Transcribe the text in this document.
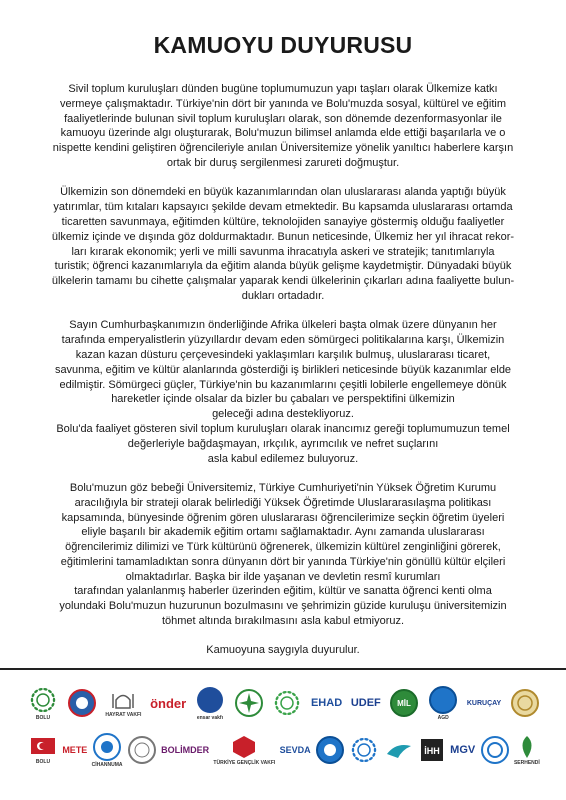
KAMUOYU DUYURUSU
Sivil toplum kuruluşları dünden bugüne toplumumuzun yapı taşları olarak Ülkemize katkı
vermeye çalışmaktadır. Türkiye'nin dört bir yanında ve Bolu'muzda sosyal, kültürel ve eğitim
faaliyetlerinde bulunan sivil toplum kuruluşları olarak, son dönemde dezenformasyonlar ile
kamuoyu üzerinde algı oluşturarak, Bolu'muzun bilimsel anlamda elde ettiği başarılarla ve o
nispette kendini geliştiren öğrencileriyle anılan Üniversitemize yönelik yanıltıcı haberlere karşın
ortak bir duruş sergilenmesi zarureti doğmuştur.
Ülkemizin son dönemdeki en büyük kazanımlarından olan uluslararası alanda yaptığı büyük
yatırımlar, tüm kıtaları kapsayıcı şekilde devam etmektedir. Bu kapsamda uluslararası ortamda
ticaretten savunmaya, eğitimden kültüre, teknolojiden sanayiye göstermiş olduğu faaliyetler
ülkemiz içinde ve dışında göz doldurmaktadır. Bunun neticesinde, Ülkemiz her yıl ihracat rekor-
ları kırarak ekonomik; yerli ve milli savunma ihracatıyla askeri ve stratejik; tanıtımlarıyla
turistik; öğrenci kazanımlarıyla da eğitim alanda büyük gelişme kaydetmiştir. Dünyadaki büyük
ülkelerin tamamı bu cihette çalışmalar yaparak kendi ülkelerinin çıkarları adına faaliyette bulun-
dukları ortadadır.
Sayın Cumhurbaşkanımızın önderliğinde Afrika ülkeleri başta olmak üzere dünyanın her
tarafında emperyalistlerin yüzyıllardır devam eden sömürgeci politikalarına karşı, Ülkemizin
kazan kazan düsturu çerçevesindeki yaklaşımları karşılık bulmuş, uluslararası ticaret,
savunma, eğitim ve kültür alanlarında gösterdiği iş birlikleri neticesinde büyük kazanımlar elde
edilmiştir. Sömürgeci güçler, Türkiye'nin bu kazanımlarını çeşitli lobilerle engellemeye dönük
hareketler içinde olsalar da bizler bu çabaları ve perspektifini ülkemizin
geleceği adına destekliyoruz.
Bolu'da faaliyet gösteren sivil toplum kuruluşları olarak inancımız gereği toplumumuzun temel
değerleriyle bağdaşmayan, ırkçılık, ayrımcılık ve nefret suçlarını
asla kabul edilemez buluyoruz.
Bolu'muzun göz bebeği Üniversitemiz, Türkiye Cumhuriyeti'nin Yüksek Öğretim Kurumu
aracılığıyla bir strateji olarak belirlediği Yüksek Öğretimde Uluslararasılaşma politikası
kapsamında, bünyesinde öğrenim gören uluslararası öğrencilerimize seçkin öğretim üyeleri
eliyle başarılı bir akademik eğitim ortamı sağlamaktadır. Aynı zamanda uluslararası
öğrencilerimiz dilimizi ve Türk kültürünü öğrenerek, ülkemizin kültürel zenginliğini görerek,
eğitimlerini tamamladıktan sonra dünyanın dört bir yanında Türkiye'nin gönüllü kültür elçileri
olmaktadırlar. Başka bir ilde yaşanan ve devletin resmî kurumları
tarafından yalanlanmış haberler üzerinden eğitim, kültür ve sanatta öğrenci kenti olma
yolundaki Bolu'muzun huzurunun bozulmasını ve şehrimizin güzide kuruluşu üniversitemizin
töhmet altında bırakılmasını asla kabul etmiyoruz.
Kamuoyuna saygıyla duyurulur.
BOLU	HAYRAT VAKFI
önder
ensar vakfı
EHAD UDEF MİL
AGD
KURUÇAY
BOLU
METE
CİHANNUMA
BOLİMDER
TÜRKİYE GENÇLİK VAKFI
SEVDA	İHH MGV
SERHENDİ
